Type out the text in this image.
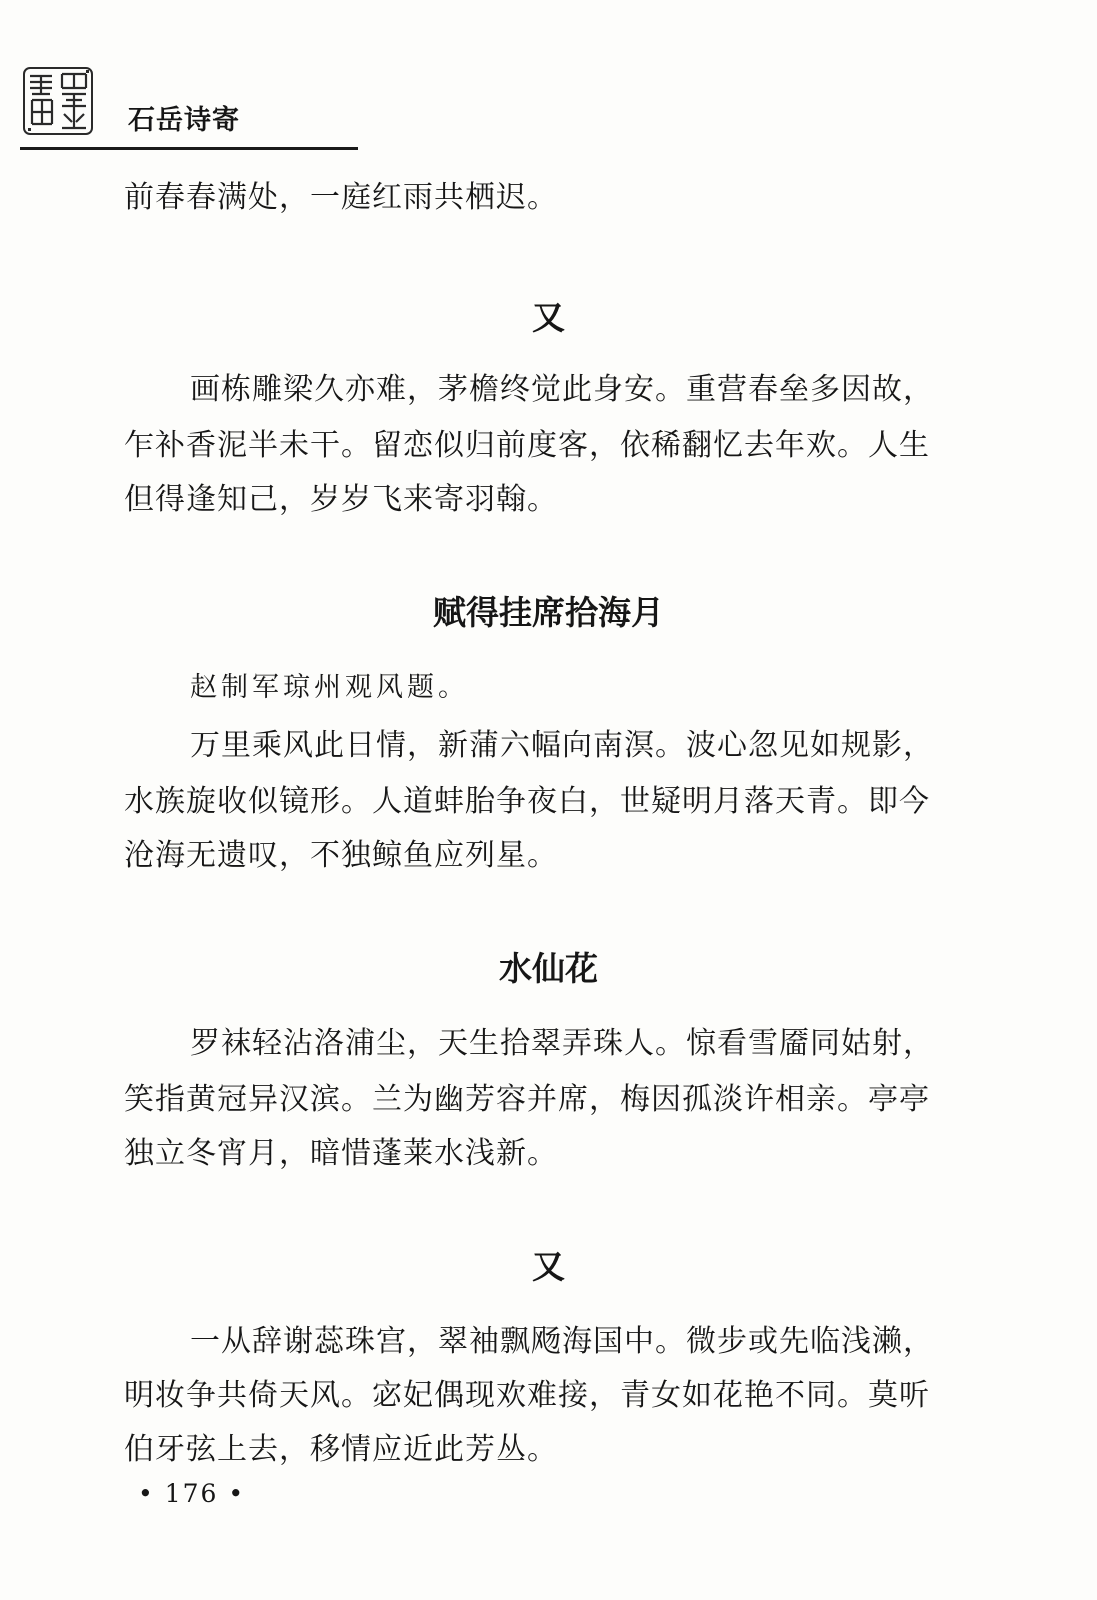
石岳诗寄
前春春满处，一庭红雨共栖迟。
又
画栋雕梁久亦难，茅檐终觉此身安。重营春垒多因故，
乍补香泥半未干。留恋似归前度客，依稀翻忆去年欢。人生
但得逢知己，岁岁飞来寄羽翰。
赋得挂席拾海月
赵制军琼州观风题。
万里乘风此日情，新蒲六幅向南溟。波心忽见如规影，
水族旋收似镜形。人道蚌胎争夜白，世疑明月落天青。即今
沧海无遗叹，不独鲸鱼应列星。
水仙花
罗袜轻沾洛浦尘，天生拾翠弄珠人。惊看雪靥同姑射，
笑指黄冠异汉滨。兰为幽芳容并席，梅因孤淡许相亲。亭亭
独立冬宵月，暗惜蓬莱水浅新。
又
一从辞谢蕊珠宫，翠袖飘飏海国中。微步或先临浅濑，
明妆争共倚天风。宓妃偶现欢难接，青女如花艳不同。莫听
伯牙弦上去，移情应近此芳丛。
• 176 •
